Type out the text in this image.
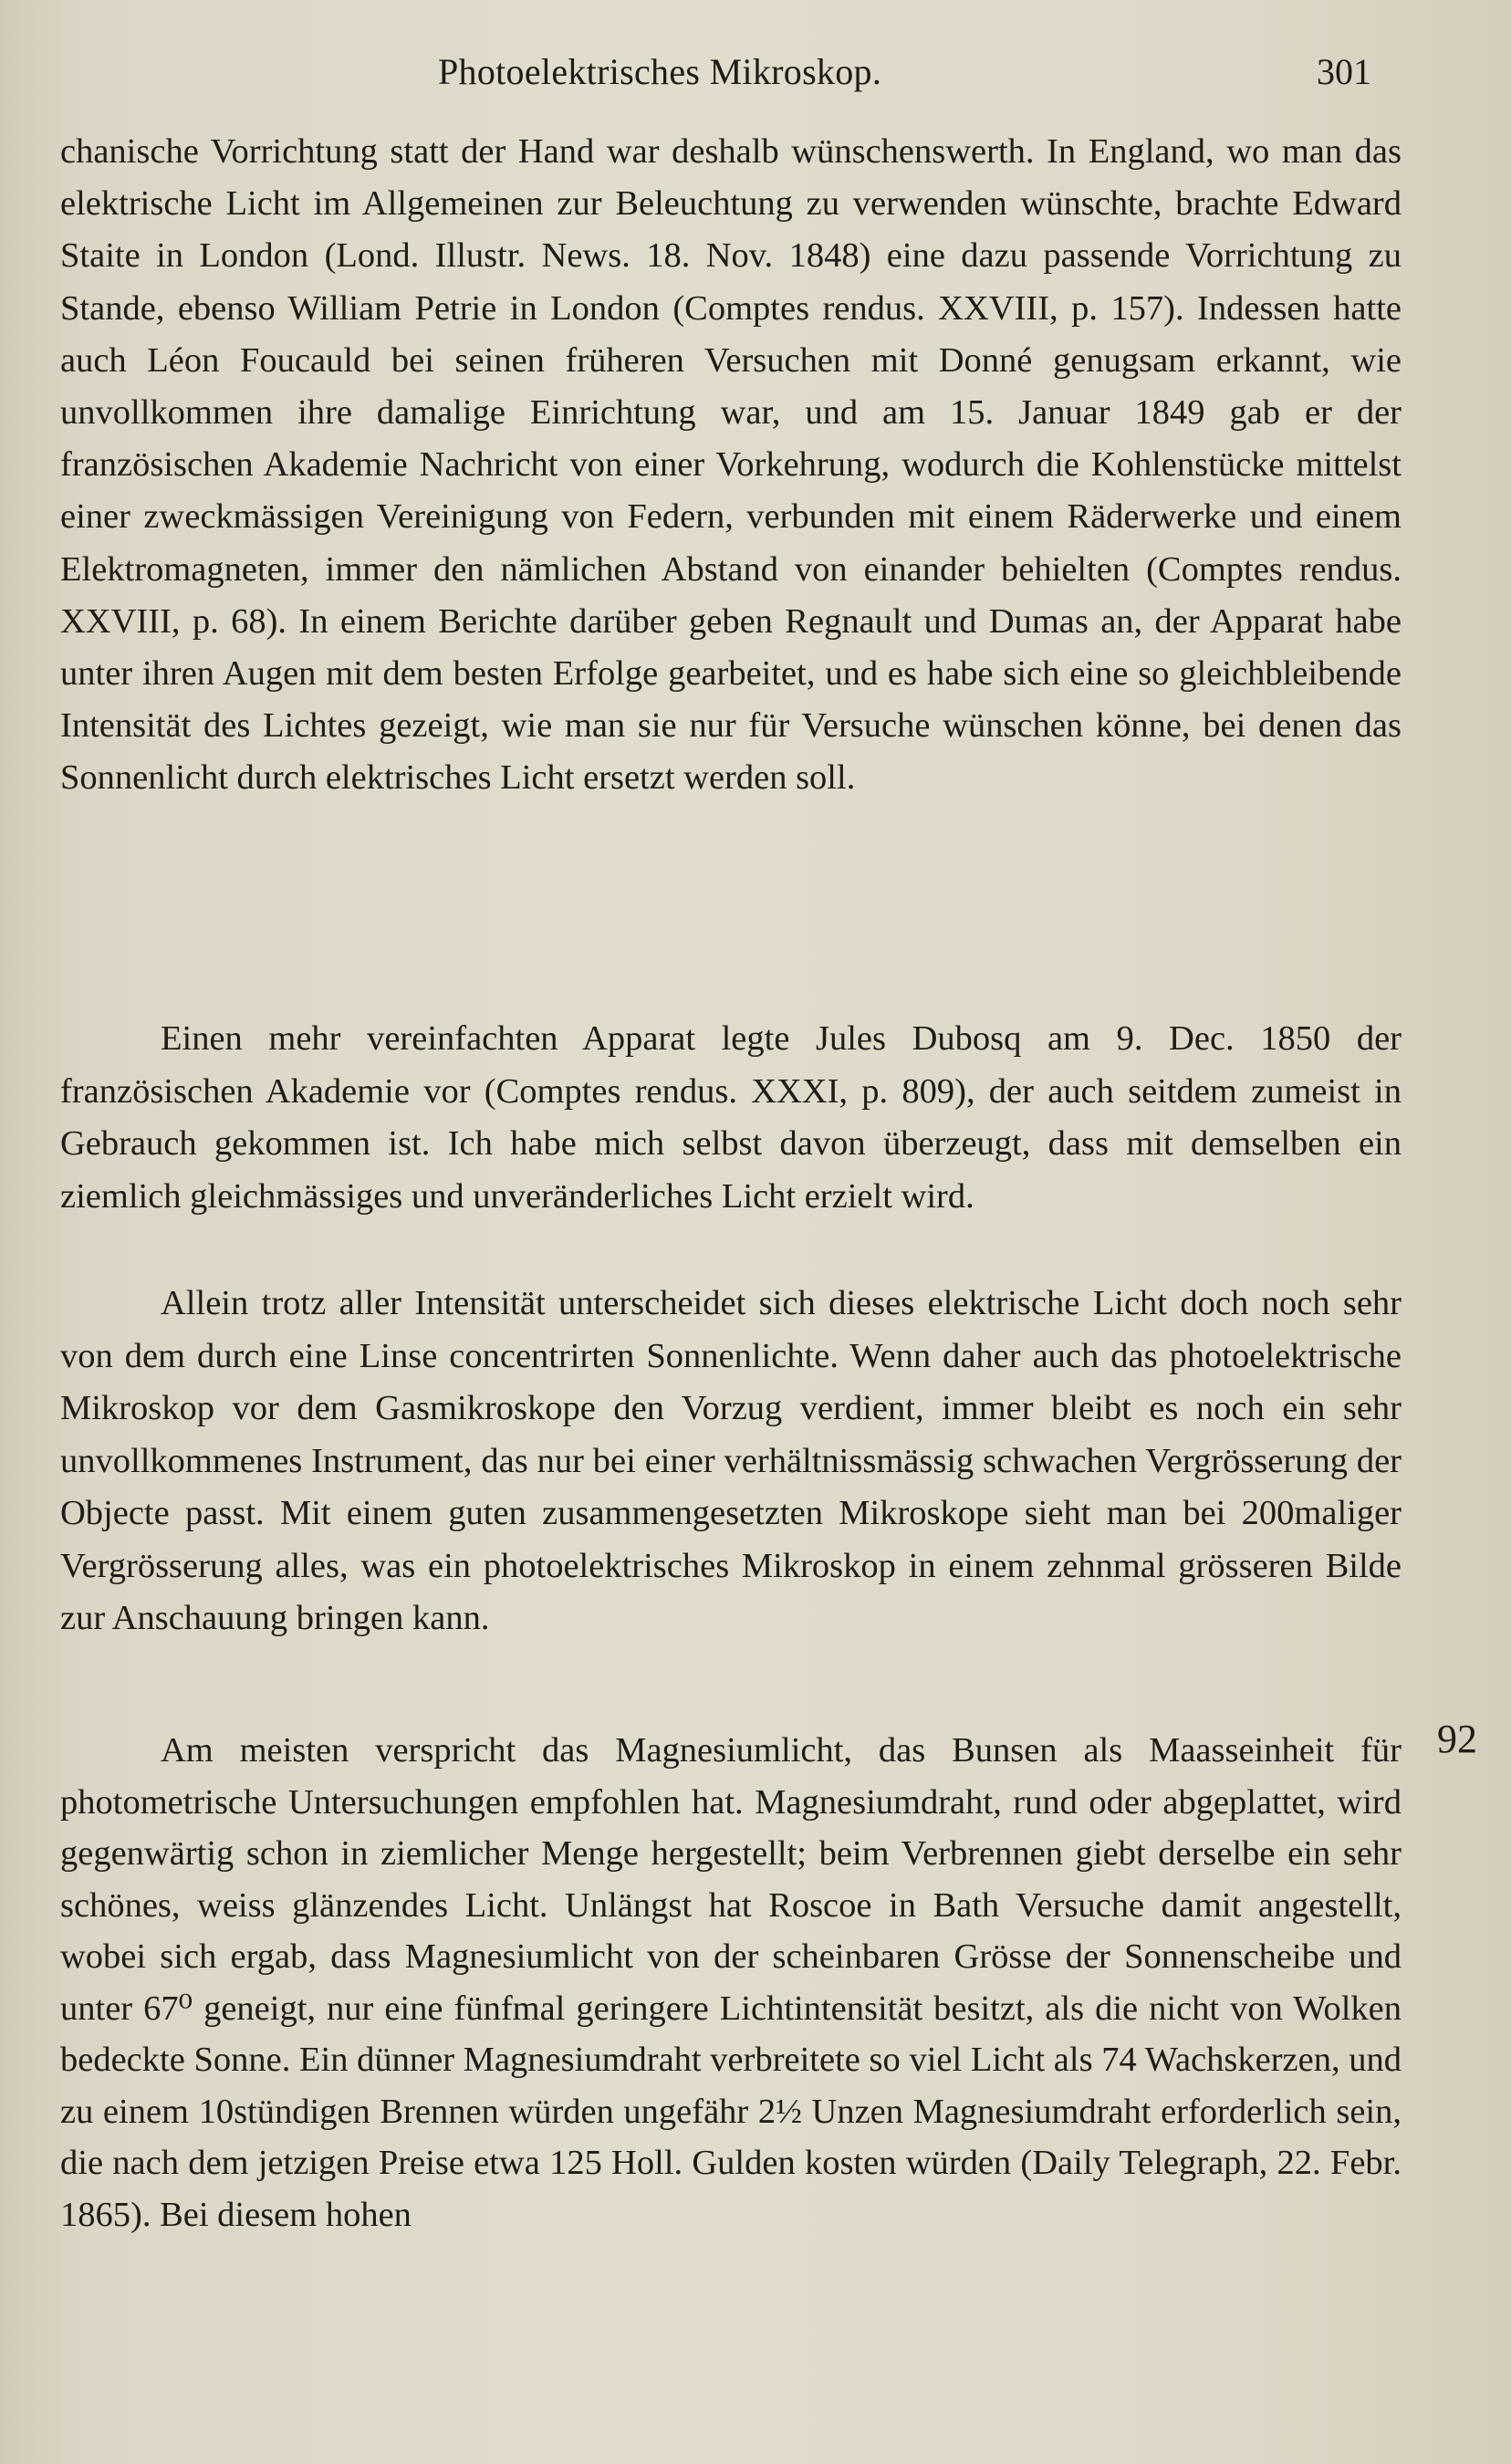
Photoelektrisches Mikroskop.	301

chanische Vorrichtung statt der Hand war deshalb wünschenswerth. In England, wo man das elektrische Licht im Allgemeinen zur Beleuchtung zu verwenden wünschte, brachte Edward Staite in London (Lond. Illustr. News. 18. Nov. 1848) eine dazu passende Vorrichtung zu Stande, ebenso William Petrie in London (Comptes rendus. XXVIII, p. 157). Indessen hatte auch Léon Foucauld bei seinen früheren Versuchen mit Donné genugsam erkannt, wie unvollkommen ihre damalige Einrichtung war, und am 15. Januar 1849 gab er der französischen Akademie Nachricht von einer Vorkehrung, wodurch die Kohlenstücke mittelst einer zweckmässigen Vereinigung von Federn, verbunden mit einem Räderwerke und einem Elektromagneten, immer den nämlichen Abstand von einander behielten (Comptes rendus. XXVIII, p. 68). In einem Berichte darüber geben Regnault und Dumas an, der Apparat habe unter ihren Augen mit dem besten Erfolge gearbeitet, und es habe sich eine so gleichbleibende Intensität des Lichtes gezeigt, wie man sie nur für Versuche wünschen könne, bei denen das Sonnenlicht durch elektrisches Licht ersetzt werden soll.

Einen mehr vereinfachten Apparat legte Jules Dubosq am 9. Dec. 1850 der französischen Akademie vor (Comptes rendus. XXXI, p. 809), der auch seitdem zumeist in Gebrauch gekommen ist. Ich habe mich selbst davon überzeugt, dass mit demselben ein ziemlich gleichmässiges und unveränderliches Licht erzielt wird.

Allein trotz aller Intensität unterscheidet sich dieses elektrische Licht doch noch sehr von dem durch eine Linse concentrirten Sonnenlichte. Wenn daher auch das photoelektrische Mikroskop vor dem Gasmikroskope den Vorzug verdient, immer bleibt es noch ein sehr unvollkommenes Instrument, das nur bei einer verhältnissmässig schwachen Vergrösserung der Objecte passt. Mit einem guten zusammengesetzten Mikroskope sieht man bei 200maliger Vergrösserung alles, was ein photoelektrisches Mikroskop in einem zehnmal grösseren Bilde zur Anschauung bringen kann.

92

Am meisten verspricht das Magnesiumlicht, das Bunsen als Maasseinheit für photometrische Untersuchungen empfohlen hat. Magnesiumdraht, rund oder abgeplattet, wird gegenwärtig schon in ziemlicher Menge hergestellt; beim Verbrennen giebt derselbe ein sehr schönes, weiss glänzendes Licht. Unlängst hat Roscoe in Bath Versuche damit angestellt, wobei sich ergab, dass Magnesiumlicht von der scheinbaren Grösse der Sonnenscheibe und unter 67⁰ geneigt, nur eine fünfmal geringere Lichtintensität besitzt, als die nicht von Wolken bedeckte Sonne. Ein dünner Magnesiumdraht verbreitete so viel Licht als 74 Wachskerzen, und zu einem 10stündigen Brennen würden ungefähr 2½ Unzen Magnesiumdraht erforderlich sein, die nach dem jetzigen Preise etwa 125 Holl. Gulden kosten würden (Daily Telegraph, 22. Febr. 1865). Bei diesem hohen
